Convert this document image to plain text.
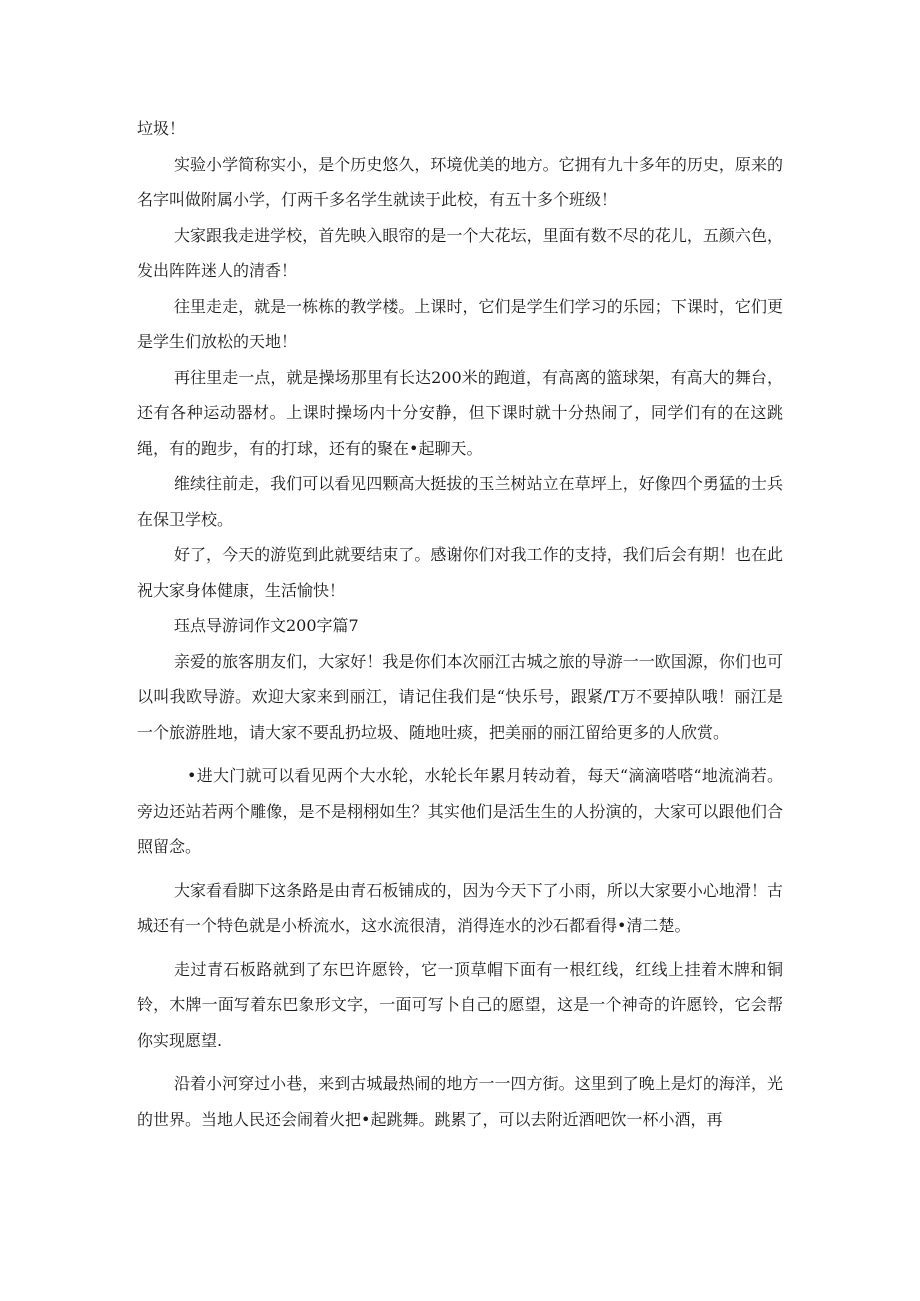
垃圾！

实验小学简称实小，是个历史悠久，环境优美的地方。它拥有九十多年的历史，原来的名字叫做附属小学，仃两千多名学生就读于此校，有五十多个班级！

大家跟我走进学校，首先映入眼帘的是一个大花坛，里面有数不尽的花儿，五颜六色，发出阵阵迷人的清香！

往里走走，就是一栋栋的教学楼。上课时，它们是学生们学习的乐园；下课时，它们更是学生们放松的天地！

再往里走一点，就是操场那里有长达200米的跑道，有高离的篮球架，有高大的舞台，还有各种运动器材。上课时操场内十分安静，但下课时就十分热闹了，同学们有的在这跳绳，有的跑步，有的打球，还有的聚在•起聊天。

维续往前走，我们可以看见四颗高大挺拔的玉兰树站立在草坪上，好像四个勇猛的士兵在保卫学校。

好了，今天的游览到此就要结束了。感谢你们对我工作的支持，我们后会有期！也在此祝大家身体健康，生活愉快！

珏点导游词作文200字篇7

亲爱的旅客朋友们，大家好！我是你们本次丽江古城之旅的导游一一欧国源，你们也可以叫我欧导游。欢迎大家来到丽江，请记住我们是“快乐号，跟紧/T万不要掉队哦！丽江是一个旅游胜地，请大家不要乱扔垃圾、随地吐痰，把美丽的丽江留给更多的人欣赏。

•进大门就可以看见两个大水轮，水轮长年累月转动着，每天“滴滴嗒嗒“地流淌若。旁边还站若两个雕像，是不是栩栩如生？其实他们是活生生的人扮演的，大家可以跟他们合照留念。

大家看看脚下这条路是由青石板铺成的，因为今天下了小雨，所以大家要小心地滑！古城还有一个特色就是小桥流水，这水流很清，消得连水的沙石都看得•清二楚。

走过青石板路就到了东巴许愿铃，它一顶草帽下面有一根红线，红线上挂着木牌和铜铃，木牌一面写着东巴象形文字，一面可写卜自己的愿望，这是一个神奇的许愿铃，它会帮你实现愿望.

沿着小河穿过小巷，来到古城最热闹的地方一一四方街。这里到了晚上是灯的海洋，光的世界。当地人民还会闹着火把•起跳舞。跳累了，可以去附近酒吧饮一杯小酒，再
